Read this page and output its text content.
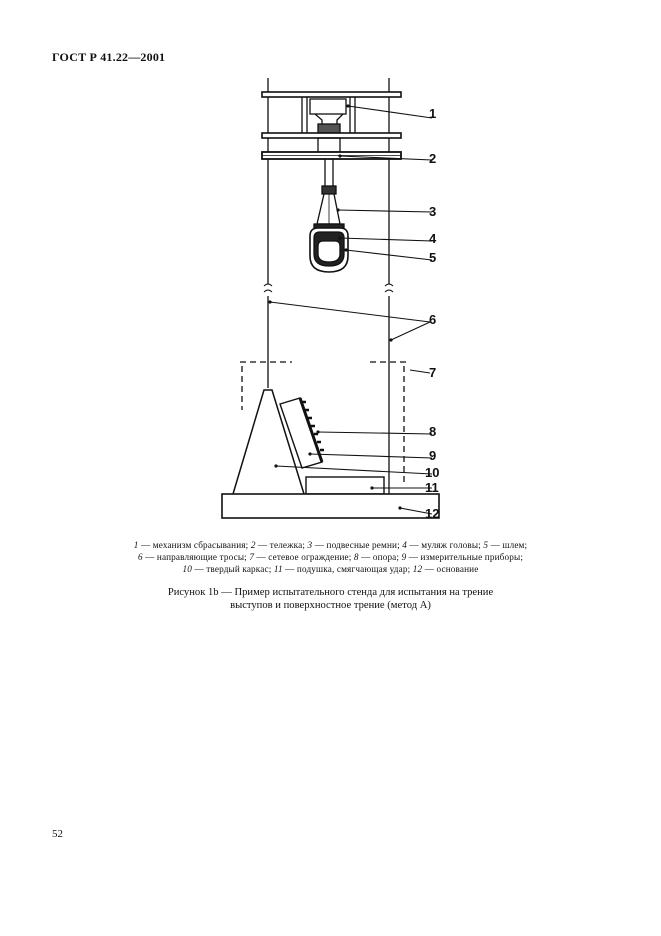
ГОСТ Р 41.22—2001
1
2
3
4
5
6
7
8
9
10
11
12
1 — механизм сбрасывания; 2 — тележка; 3 — подвесные ремни; 4 — муляж головы; 5 — шлем;
6 — направляющие тросы; 7 — сетевое ограждение; 8 — опора; 9 — измерительные приборы;
10 — твердый каркас; 11 — подушка, смягчающая удар; 12 — основание
Рисунок 1b — Пример испытательного стенда для испытания на трение
выступов и поверхностное трение (метод А)
52
